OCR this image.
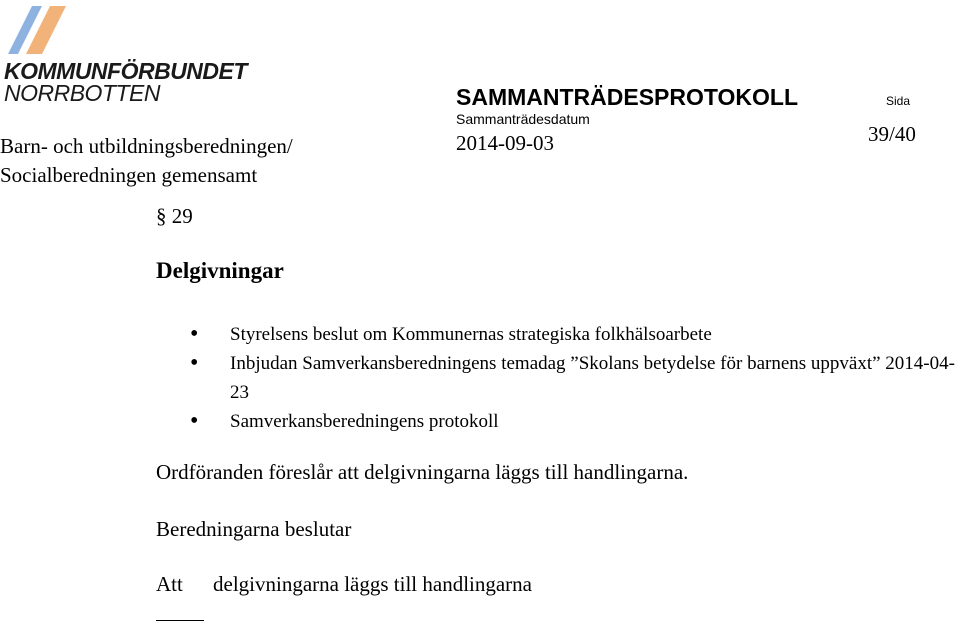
KOMMUNFÖRBUNDET
NORRBOTTEN	SAMMANTRÄDESPROTOKOLL	Sida
Sammanträdesdatum
2014-09-03	39/40
Barn- och utbildningsberedningen/
Socialberedningen gemensamt
§ 29
Delgivningar
• Styrelsens beslut om Kommunernas strategiska folkhälsoarbete
• Inbjudan Samverkansberedningens temadag ”Skolans betydelse för barnens uppväxt” 2014-04-23
• Samverkansberedningens protokoll
Ordföranden föreslår att delgivningarna läggs till handlingarna.
Beredningarna beslutar
Att delgivningarna läggs till handlingarna
